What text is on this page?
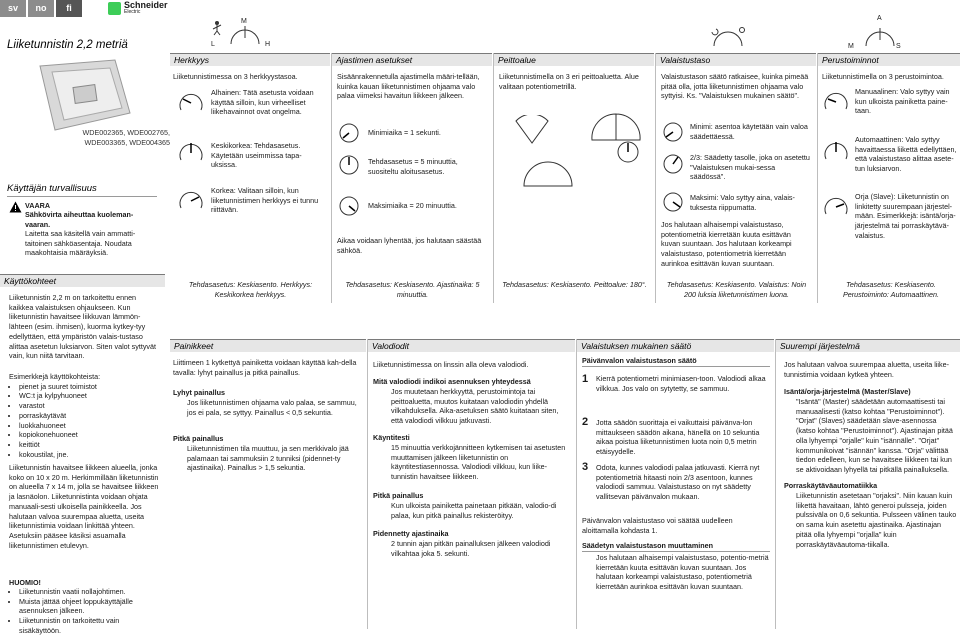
sv	no	fi	Schneider
Electric
Liiketunnistin 2,2 metriä
WDE002365, WDE002765,
WDE003365, WDE004365
Käyttäjän turvallisuus
VAARA
Sähkövirta aiheuttaa kuoleman-vaaran.
Laitetta saa käsitellä vain ammatti-taitoinen sähköasentaja. Noudata maakohtaisia määräyksiä.
Käyttökohteet
Liiketunnistin 2,2 m on tarkoitettu ennen kaikkea valaistuksen ohjaukseen. Kun liiketunnistin havaitsee liikkuvan lämmön-lähteen (esim. ihmisen), kuorma kytkey-tyy edellyttäen, että ympäristön valais-tustaso alittaa asetetun luksiarvon. Siten valot syttyvät vain, kun niitä tarvitaan.
Esimerkkejä käyttökohteista:
• pienet ja suuret toimistot
• WC:t ja kylpyhuoneet
• varastot
• porraskäytävät
• luokkahuoneet
• kopiokonehuoneet
• keittiöt
• kokoustilat, jne.
Liiketunnistin havaitsee liikkeen alueella, jonka koko on 10 x 20 m. Herkimmillään liiketunnistin on alueella 7 x 14 m, jolla se havaitsee liikkeen ja lasnäolon. Liiketunnistinta voidaan ohjata manuaali-sesti ulkoisella painikkeella. Jos halutaan valvoa suurempaa aluetta, useita liiketunnistimia voidaan linkittää yhteen. Asetuksiin pääsee käsiksi asuamalla liiketunnistimen etulevyn.
HUOMIO!
• Liiketunnistin vaatii nollajohtimen.
• Muista jättää ohjeet loppukäyttäjälle asennuksen jälkeen.
• Liiketunnistin on tarkoitettu vain sisäkäyttöön.
Herkkyys
L
M
H
Liiketunnistimessa on 3 herkkyystasoa.
Alhainen: Tätä asetusta voidaan käyttää silloin, kun virheelliset liikehavainnot ovat ongelma.
Keskikorkea: Tehdasasetus. Käytetään useimmissa tapa-uksissa.
Korkea: Valitaan silloin, kun liiketunnistimen herkkyys ei tunnu riittävän.
Tehdasasetus: Keskiasento. Herkkyys: Keskikorkea herkkyys.
Ajastimen asetukset
Sisäänrakennetulla ajastimella määri-tellään, kuinka kauan liiketunnistimen ohjaama valo palaa viimeksi havaitun liikkeen jälkeen.
Minimiaika = 1 sekunti.
Tehdasasetus = 5 minuuttia, suositeltu aloitusasetus.
Maksimiaika = 20 minuuttia.
Aikaa voidaan lyhentää, jos halutaan säästää sähköä.
Tehdasasetus: Keskiasento. Ajastinaika: 5 minuuttia.
Peittoalue
Liiketunnistimella on 3 eri peittoaluetta. Alue valitaan potentiometrillä.
Tehdasasetus: Keskiasento. Peittoalue: 180°.
Valaistustaso
Valaistustason säätö ratkaisee, kuinka pimeää pitää olla, jotta liiketunnistimen ohjaama valo syttyisi. Ks. "Valaistuksen mukainen säätö".
Minimi: asentoa käytetään vain valoa säädettäessä.
2/3: Säädetty tasolle, joka on asetettu "Valaistuksen mukai-sessa säädössä".
Maksimi: Valo syttyy aina, valais-tuksesta riippumatta.
Jos halutaan alhaisempi valaistustaso, potentiometriä kierretään kuuta esittävän kuvan suuntaan. Jos halutaan korkeampi valaistustaso, potentiometriä kierretään aurinkoa esittävän kuvan suuntaan.
Tehdasasetus: Keskiasento. Valaistus: Noin 200 luksia liiketunnistimen luona.
Perustoiminnot
A
M	S
Liiketunnistimella on 3 perustoimintoa.
Manuaalinen: Valo syttyy vain kun ulkoista painiketta paine-taan.
Automaattinen: Valo syttyy havaittaessa liikettä edellyttäen, että valaistustaso alittaa asete-tun luksiarvon.
Orja (Slave): Liiketunnistin on linkitetty suurempaan järjestel-mään. Esimerkkejä: isäntä/orja-järjestelmä tai porraskäytävä-valaistus.
Tehdasasetus: Keskiasento. Perustoiminto: Automaattinen.
Painikkeet
Liittimeen 1 kytkettyä painiketta voidaan käyttää kah-della tavalla: lyhyt painallus ja pitkä painallus.
Lyhyt painallus
Jos liiketunnistimen ohjaama valo palaa, se sammuu, jos ei pala, se syttyy. Painallus < 0,5 sekuntia.
Pitkä painallus
Liiketunnistimen tila muuttuu, ja sen merkkivalo jää palamaan tai sammuksiin 2 tunniksi (pidennet-ty ajastinaika). Painallus > 1,5 sekuntia.
Valodiodit
Liiketunnistimessa on linssin alla oleva valodiodi.
Mitä valodiodi indikoi asennuksen yhteydessä
Jos muutetaan herkkyyttä, perustoimintoja tai peittoaluetta, muutos kuitataan valodiodin yhdellä vilkahduksella. Aika-asetuksen säätö kuitataan siten, että valodiodi vilkkuu jatkuvasti.
Käyntitesti
15 minuuttia verkkojännitteen kytkemisen tai asetusten muuttamisen jälkeen liiketunnistin on käyntitestiasennossa. Valodiodi vilkkuu, kun liike-tunnistin havaitsee liikkeen.
Pitkä painallus
Kun ulkoista painiketta painetaan pitkään, valodio-di palaa, kun pitkä painallus rekisteröityy.
Pidennetty ajastinaika
2 tunnin ajan pitkän painalluksen jälkeen valodiodi vilkahtaa joka 5. sekunti.
Valaistuksen mukainen säätö
Päivänvalon valaistustason säätö
1 Kierrä potentiometri minimiasen-toon. Valodiodi alkaa vilkkua. Jos valo on sytytetty, se sammuu.
2 Jotta säädön suorittaja ei vaikuttaisi päivänva-lon mittaukseen säädön aikana, hänellä on 10 sekuntia aikaa poistua liiketunnistimen luota noin 0,5 metrin etäisyydelle.
3 Odota, kunnes valodiodi palaa jatkuvasti. Kierrä nyt potentiometriä hitaasti noin 2/3 asentoon, kunnes valodiodi sammuu. Valaistustaso on nyt säädetty vallitsevan päivänvalon mukaan.
Päivänvalon valaistustaso voi säätää uudelleen aloittamalla kohdasta 1.
Säädetyn valaistustason muuttaminen
Jos halutaan alhaisempi valaistustaso, potentio-metriä kierretään kuuta esittävän kuvan suuntaan. Jos halutaan korkeampi valaistustaso, potentiometriä kierretään aurinkoa esittävän kuvan suuntaan.
Suurempi järjestelmä
Jos halutaan valvoa suurempaa aluetta, useita liike-tunnistimia voidaan kytkeä yhteen.
Isäntä/orja-järjestelmä (Master/Slave)
"Isäntä" (Master) säädetään automaattisesti tai manuaalisesti (katso kohtaa "Perustoiminnot"). "Orjat" (Slaves) säädetään slave-asennossa (katso kohtaa "Perustoiminnot"). Ajastinajan pitää olla lyhyempi "orjalle" kuin "isännälle". "Orjat" kommunikoivat "isännän" kanssa. "Orja" välittää tiedon edelleen, kun se havaitsee liikkeen tai kun se aktivoidaan lyhyellä tai pitkällä painalluksella.
Porraskäytäväautomatiikka
Liiketunnistin asetetaan "orjaksi". Niin kauan kuin liikettä havaitaan, lähtö generoi pulsseja, joiden pulssiväla on 0,6 sekuntia. Pulsseen välinen tauko on sama kuin asetettu ajastinaika. Ajastinajan pitää olla lyhyempi "orjalla" kuin porraskäytäväautoma-tiikalla.
